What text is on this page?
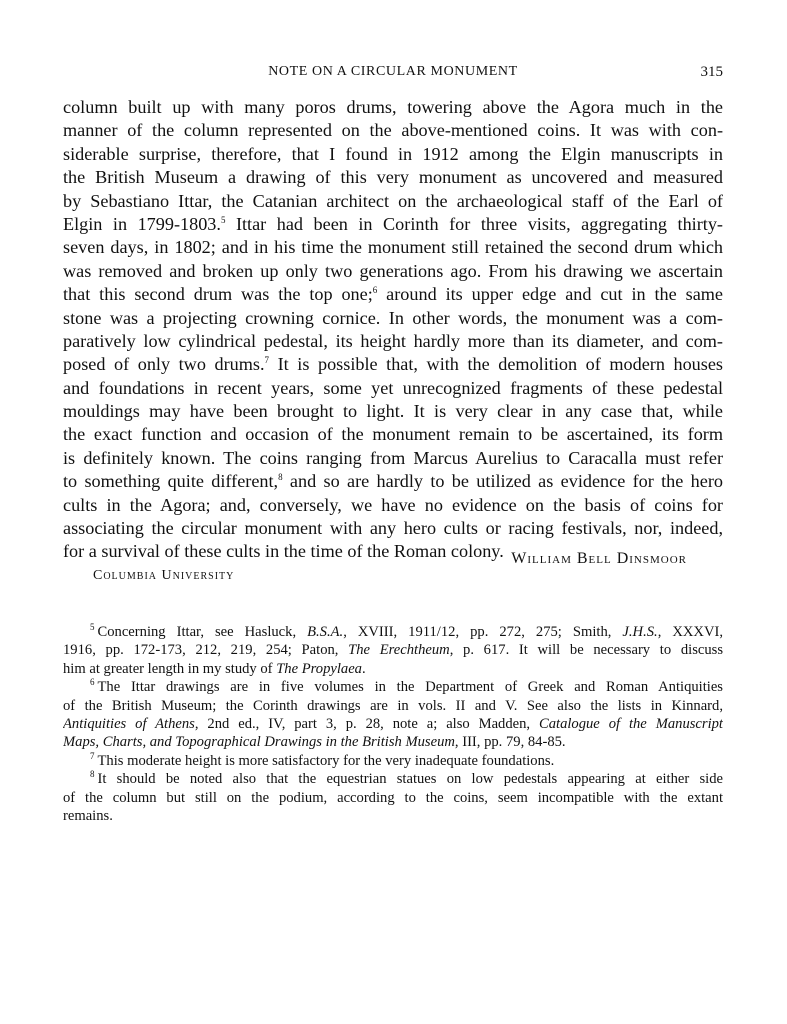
NOTE ON A CIRCULAR MONUMENT	315
column built up with many poros drums, towering above the Agora much in the
manner of the column represented on the above-mentioned coins. It was with con-
siderable surprise, therefore, that I found in 1912 among the Elgin manuscripts in
the British Museum a drawing of this very monument as uncovered and measured
by Sebastiano Ittar, the Catanian architect on the archaeological staff of the Earl of
Elgin in 1799-1803.$^5$ Ittar had been in Corinth for three visits, aggregating thirty-
seven days, in 1802; and in his time the monument still retained the second drum which
was removed and broken up only two generations ago. From his drawing we ascertain
that this second drum was the top one;$^6$ around its upper edge and cut in the same
stone was a projecting crowning cornice. In other words, the monument was a com-
paratively low cylindrical pedestal, its height hardly more than its diameter, and com-
posed of only two drums.$^7$ It is possible that, with the demolition of modern houses
and foundations in recent years, some yet unrecognized fragments of these pedestal
mouldings may have been brought to light. It is very clear in any case that, while
the exact function and occasion of the monument remain to be ascertained, its form
is definitely known. The coins ranging from Marcus Aurelius to Caracalla must refer
to something quite different,$^8$ and so are hardly to be utilized as evidence for the hero
cults in the Agora; and, conversely, we have no evidence on the basis of coins for
associating the circular monument with any hero cults or racing festivals, nor, indeed,
for a survival of these cults in the time of the Roman colony. William Bell Dinsmoor
Columbia University
$^5$ Concerning Ittar, see Hasluck, B.S.A., XVIII, 1911/12, pp. 272, 275; Smith, J.H.S., XXXVI,
1916, pp. 172-173, 212, 219, 254; Paton, The Erechtheum, p. 617. It will be necessary to discuss
him at greater length in my study of The Propylaea.
$^6$ The Ittar drawings are in five volumes in the Department of Greek and Roman Antiquities
of the British Museum; the Corinth drawings are in vols. II and V. See also the lists in Kinnard,
Antiquities of Athens, 2nd ed., IV, part 3, p. 28, note a; also Madden, Catalogue of the Manuscript
Maps, Charts, and Topographical Drawings in the British Museum, III, pp. 79, 84-85.
$^7$ This moderate height is more satisfactory for the very inadequate foundations.
$^8$ It should be noted also that the equestrian statues on low pedestals appearing at either side
of the column but still on the podium, according to the coins, seem incompatible with the extant
remains.
